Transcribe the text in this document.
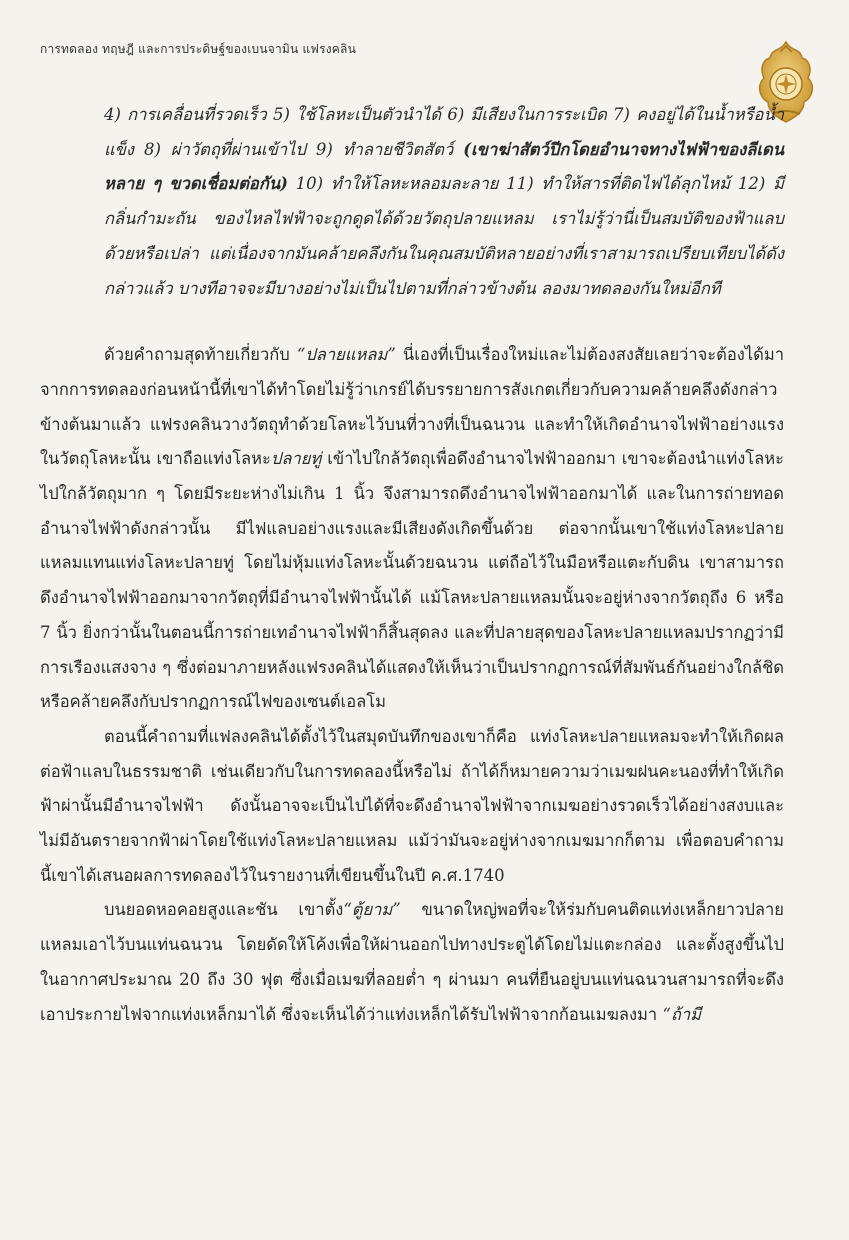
การทดลอง ทฤษฎี และการประดิษฐ์ของเบนจามิน แฟรงคลิน

4) การเคลื่อนที่รวดเร็ว 5) ใช้โลหะเป็นตัวนำได้ 6) มีเสียงในการระเบิด 7) คงอยู่ได้ในน้ำหรือน้ำแข็ง 8) ผ่าวัตถุที่ผ่านเข้าไป 9) ทำลายชีวิตสัตว์ (เขาฆ่าสัตว์ปีกโดยอำนาจทางไฟฟ้าของลีเดนหลาย ๆ ขวดเชื่อมต่อกัน) 10) ทำให้โลหะหลอมละลาย 11) ทำให้สารที่ติดไฟได้ลุกไหม้ 12) มีกลิ่นกำมะถัน ของไหลไฟฟ้าจะถูกดูดได้ด้วยวัตถุปลายแหลม เราไม่รู้ว่านี่เป็นสมบัติของฟ้าแลบด้วยหรือเปล่า แต่เนื่องจากมันคล้ายคลึงกันในคุณสมบัติหลายอย่างที่เราสามารถเปรียบเทียบได้ดังกล่าวแล้ว บางทีอาจจะมีบางอย่างไม่เป็นไปตามที่กล่าวข้างต้น ลองมาทดลองกันใหม่อีกที

ด้วยคำถามสุดท้ายเกี่ยวกับ “ปลายแหลม” นี่เองที่เป็นเรื่องใหม่และไม่ต้องสงสัยเลยว่าจะต้องได้มาจากการทดลองก่อนหน้านี้ที่เขาได้ทำโดยไม่รู้ว่าเกรย์ได้บรรยายการสังเกตเกี่ยวกับความคล้ายคลึงดังกล่าวข้างต้นมาแล้ว แฟรงคลินวางวัตถุทำด้วยโลหะไว้บนที่วางที่เป็นฉนวน และทำให้เกิดอำนาจไฟฟ้าอย่างแรงในวัตถุโลหะนั้น เขาถือแท่งโลหะปลายทู่ เข้าไปใกล้วัตถุเพื่อดึงอำนาจไฟฟ้าออกมา เขาจะต้องนำแท่งโลหะไปใกล้วัตถุมาก ๆ โดยมีระยะห่างไม่เกิน 1 นิ้ว จึงสามารถดึงอำนาจไฟฟ้าออกมาได้ และในการถ่ายทอดอำนาจไฟฟ้าดังกล่าวนั้น มีไฟแลบอย่างแรงและมีเสียงดังเกิดขึ้นด้วย ต่อจากนั้นเขาใช้แท่งโลหะปลายแหลมแทนแท่งโลหะปลายทู่ โดยไม่หุ้มแท่งโลหะนั้นด้วยฉนวน แต่ถือไว้ในมือหรือแตะกับดิน เขาสามารถดึงอำนาจไฟฟ้าออกมาจากวัตถุที่มีอำนาจไฟฟ้านั้นได้ แม้โลหะปลายแหลมนั้นจะอยู่ห่างจากวัตถุถึง 6 หรือ 7 นิ้ว ยิ่งกว่านั้นในตอนนี้การถ่ายเทอำนาจไฟฟ้าก็สิ้นสุดลง และที่ปลายสุดของโลหะปลายแหลมปรากฏว่ามีการเรืองแสงจาง ๆ ซึ่งต่อมาภายหลังแฟรงคลินได้แสดงให้เห็นว่าเป็นปรากฏการณ์ที่สัมพันธ์กันอย่างใกล้ชิดหรือคล้ายคลึงกับปรากฏการณ์ไฟของเซนต์เอลโม

ตอนนี้คำถามที่แฟลงคลินได้ตั้งไว้ในสมุดบันทึกของเขาก็คือ แท่งโลหะปลายแหลมจะทำให้เกิดผลต่อฟ้าแลบในธรรมชาติ เช่นเดียวกับในการทดลองนี้หรือไม่ ถ้าได้ก็หมายความว่าเมฆฝนคะนองที่ทำให้เกิดฟ้าผ่านั้นมีอำนาจไฟฟ้า ดังนั้นอาจจะเป็นไปได้ที่จะดึงอำนาจไฟฟ้าจากเมฆอย่างรวดเร็วได้อย่างสงบและไม่มีอันตรายจากฟ้าผ่าโดยใช้แท่งโลหะปลายแหลม แม้ว่ามันจะอยู่ห่างจากเมฆมากก็ตาม เพื่อตอบคำถามนี้เขาได้เสนอผลการทดลองไว้ในรายงานที่เขียนขึ้นในปี ค.ศ.1740

บนยอดหอคอยสูงและชัน เขาตั้ง“ตู้ยาม” ขนาดใหญ่พอที่จะให้ร่มกับคนติดแท่งเหล็กยาวปลายแหลมเอาไว้บนแท่นฉนวน โดยดัดให้โค้งเพื่อให้ผ่านออกไปทางประตูได้โดยไม่แตะกล่อง และตั้งสูงขึ้นไปในอากาศประมาณ 20 ถึง 30 ฟุต ซึ่งเมื่อเมฆที่ลอยต่ำ ๆ ผ่านมา คนที่ยืนอยู่บนแท่นฉนวนสามารถที่จะดึงเอาประกายไฟจากแท่งเหล็กมาได้ ซึ่งจะเห็นได้ว่าแท่งเหล็กได้รับไฟฟ้าจากก้อนเมฆลงมา “ถ้ามี
